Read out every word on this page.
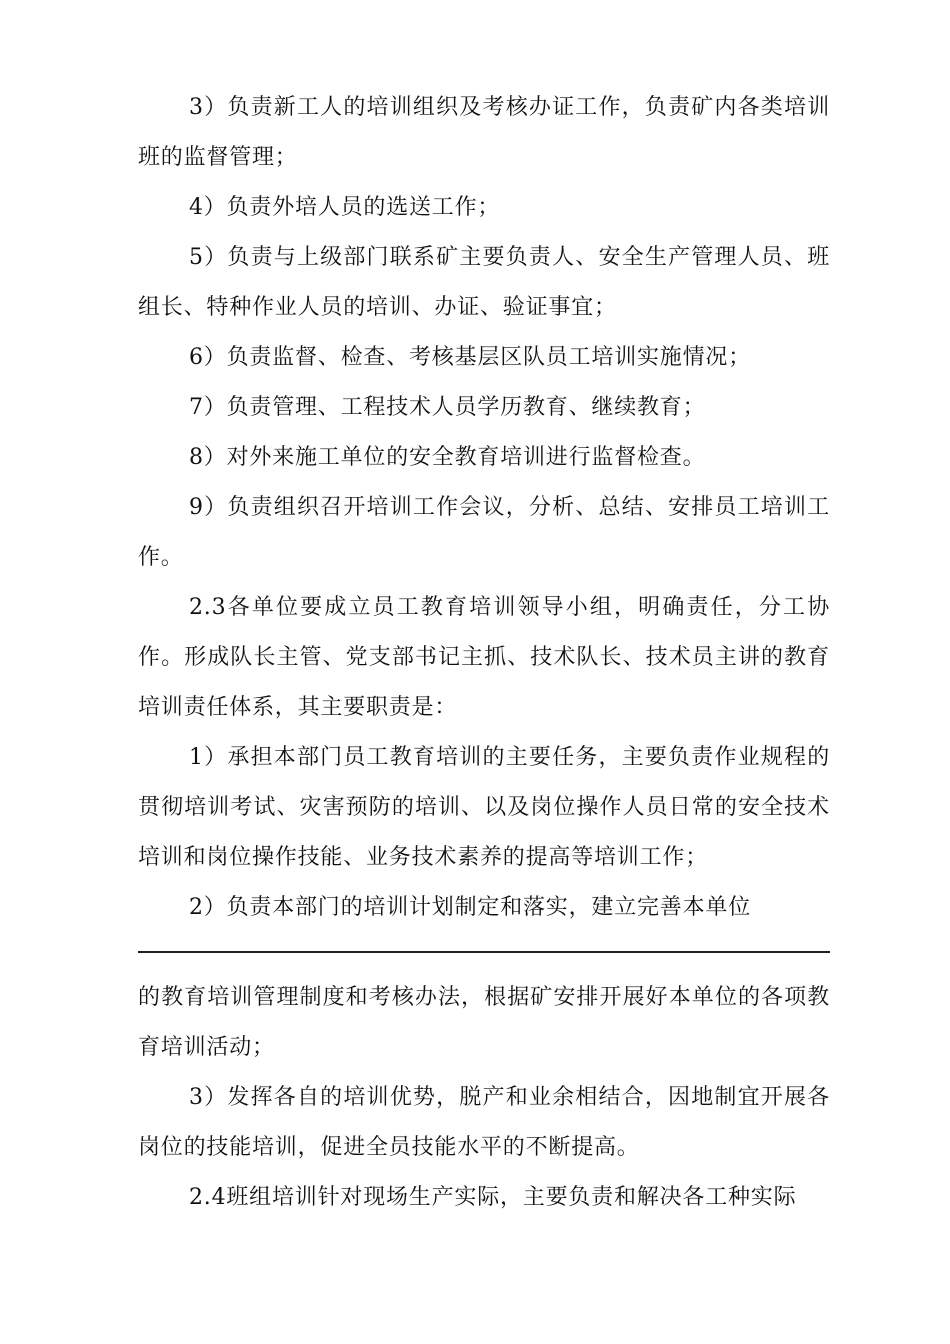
3）负责新工人的培训组织及考核办证工作，负责矿内各类培训班的监督管理；

4）负责外培人员的选送工作；

5）负责与上级部门联系矿主要负责人、安全生产管理人员、班组长、特种作业人员的培训、办证、验证事宜；

6）负责监督、检查、考核基层区队员工培训实施情况；

7）负责管理、工程技术人员学历教育、继续教育；

8）对外来施工单位的安全教育培训进行监督检查。

9）负责组织召开培训工作会议，分析、总结、安排员工培训工作。

2.3各单位要成立员工教育培训领导小组，明确责任，分工协作。形成队长主管、党支部书记主抓、技术队长、技术员主讲的教育培训责任体系，其主要职责是：

1）承担本部门员工教育培训的主要任务，主要负责作业规程的贯彻培训考试、灾害预防的培训、以及岗位操作人员日常的安全技术培训和岗位操作技能、业务技术素养的提高等培训工作；

2）负责本部门的培训计划制定和落实，建立完善本单位

的教育培训管理制度和考核办法，根据矿安排开展好本单位的各项教育培训活动；

3）发挥各自的培训优势，脱产和业余相结合，因地制宜开展各岗位的技能培训，促进全员技能水平的不断提高。

2.4班组培训针对现场生产实际，主要负责和解决各工种实际
